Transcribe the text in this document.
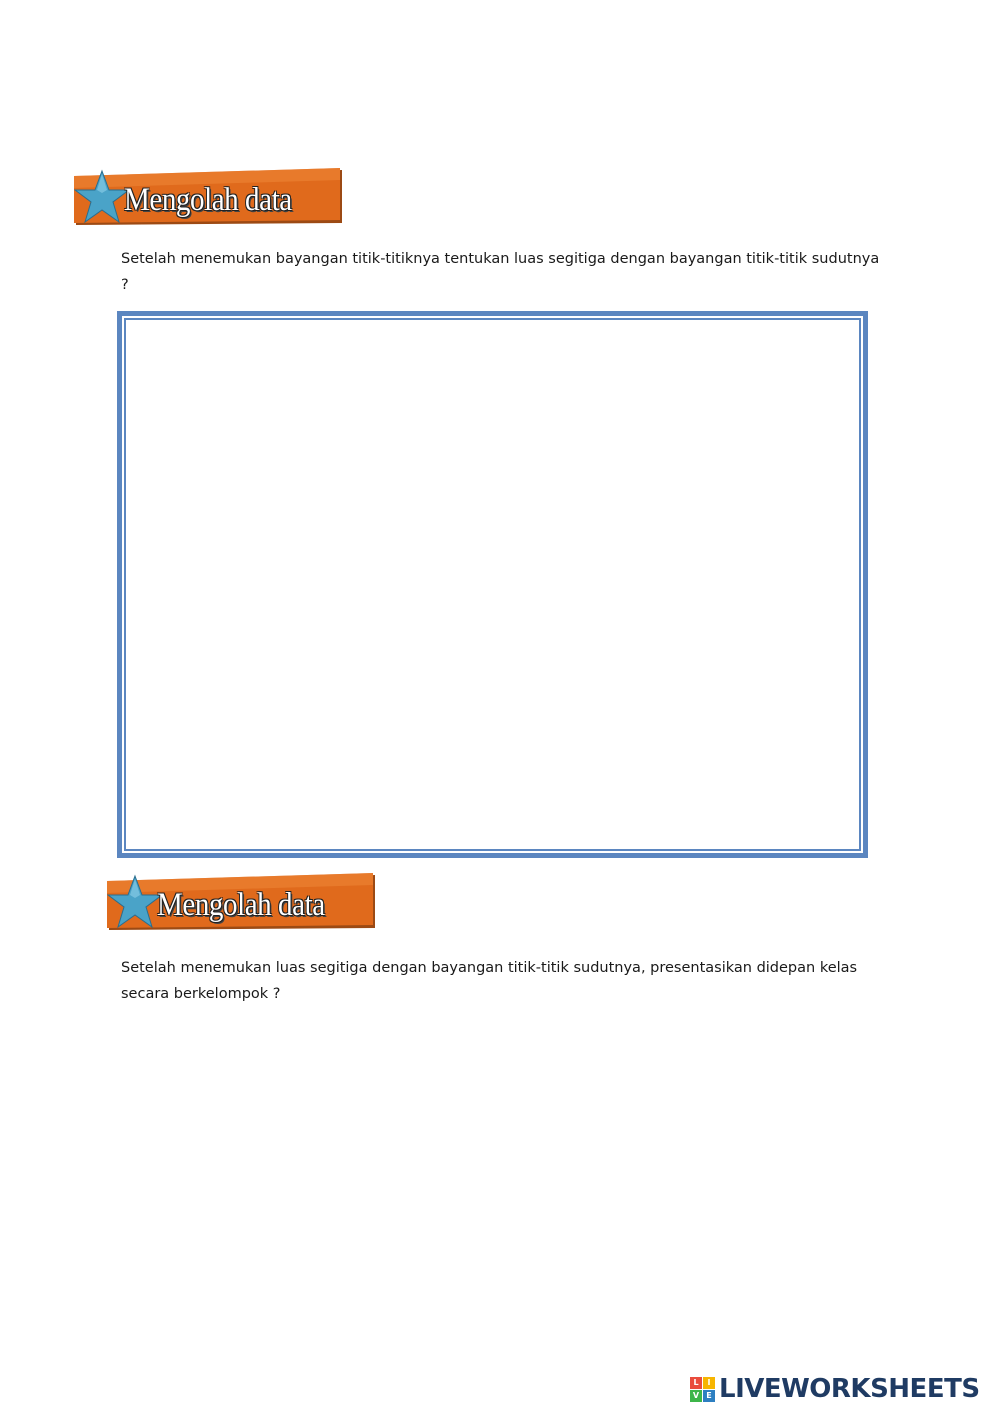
Mengolah data

Setelah menemukan bayangan titik-titiknya tentukan luas segitiga dengan bayangan titik-titik sudutnya ?

Mengolah data

Setelah menemukan luas segitiga dengan bayangan titik-titik sudutnya, presentasikan didepan kelas secara berkelompok ?

L	I
V E LIVEWORKSHEETS
